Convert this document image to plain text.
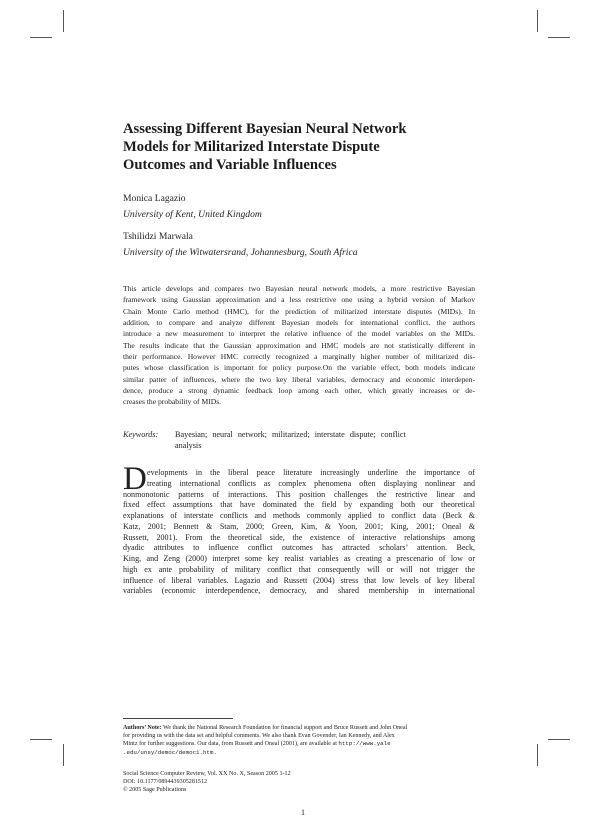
Assessing Different Bayesian Neural Network
Models for Militarized Interstate Dispute
Outcomes and Variable Influences

Monica Lagazio

University of Kent, United Kingdom

Tshilidzi Marwala

University of the Witwatersrand, Johannesburg, South Africa

This article develops and compares two Bayesian neural network models, a more restrictive Bayesian
framework using Gaussian approximation and a less restrictive one using a hybrid version of Markov
Chain Monte Carlo method (HMC), for the prediction of militarized interstate disputes (MIDs). In
addition, to compare and analyze different Bayesian models for international conflict, the authors
introduce a new measurement to interpret the relative influence of the model variables on the MIDs.
The results indicate that the Gaussian approximation and HMC models are not statistically different in
their performance. However HMC correctly recognized a marginally higher number of militarized dis-
putes whose classification is important for policy purpose.On the variable effect, both models indicate
similar patter of influences, where the two key liberal variables, democracy and economic interdepen-
dence, produce a strong dynamic feedback loop among each other, which greatly increases or de-
creases the probability of MIDs.
Keywords: Bayesian; neural network; militarized; interstate dispute; conflict
analysis
D evelopments in the liberal peace literature increasingly underline the importance of
treating international conflicts as complex phenomena often displaying nonlinear and
nonmonotonic patterns of interactions. This position challenges the restrictive linear and
fixed effect assumptions that have dominated the field by expanding both our theoretical
explanations of interstate conflicts and methods commonly applied to conflict data (Beck &
Katz, 2001; Bennett & Stam, 2000; Green, Kim, & Yoon, 2001; King, 2001; Oneal &
Russett, 2001). From the theoretical side, the existence of interactive relationships among
dyadic attributes to influence conflict outcomes has attracted scholars’ attention. Beck,
King, and Zeng (2000) interpret some key realist variables as creating a prescenario of low or
high ex ante probability of military conflict that consequently will or will not trigger the
influence of liberal variables. Lagazio and Russett (2004) stress that low levels of key liberal
variables (economic interdependence, democracy, and shared membership in international
Authors’ Note: We thank the National Research Foundation for financial support and Bruce Russett and John Oneal
for providing us with the data set and helpful comments. We also thank Evan Govender, Ian Kennedy, and Alex
Mintz for further suggestions. Our data, from Russett and Oneal (2001), are available at http://www.yale
.edu/unsy/democ/democ1.htm.
Social Science Computer Review, Vol. XX No. X, Season 2005 1-12
DOI: 10.1177/0894439305281512
© 2005 Sage Publications
1
